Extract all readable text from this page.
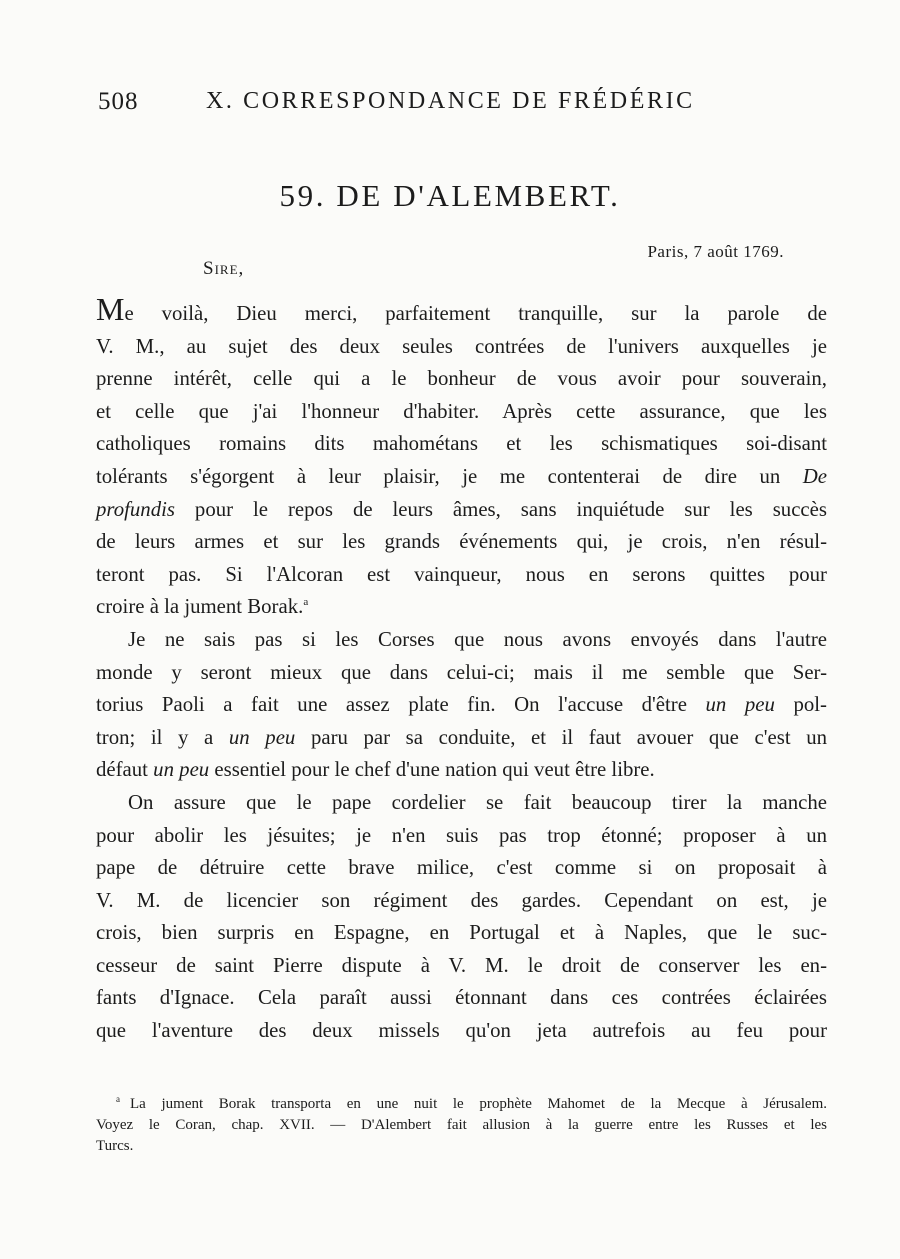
508	X. CORRESPONDANCE DE FRÉDÉRIC
59. DE D'ALEMBERT.
Paris, 7 août 1769.
Sire,
Me voilà, Dieu merci, parfaitement tranquille, sur la parole de
V. M., au sujet des deux seules contrées de l'univers auxquelles je
prenne intérêt, celle qui a le bonheur de vous avoir pour souverain,
et celle que j'ai l'honneur d'habiter. Après cette assurance, que les
catholiques romains dits mahométans et les schismatiques soi-disant
tolérants s'égorgent à leur plaisir, je me contenterai de dire un De
profundis pour le repos de leurs âmes, sans inquiétude sur les succès
de leurs armes et sur les grands événements qui, je crois, n'en résul-
teront pas. Si l'Alcoran est vainqueur, nous en serons quittes pour
croire à la jument Borak.$^a$
Je ne sais pas si les Corses que nous avons envoyés dans l'autre
monde y seront mieux que dans celui-ci; mais il me semble que Ser-
torius Paoli a fait une assez plate fin. On l'accuse d'être un peu pol-
tron; il y a un peu paru par sa conduite, et il faut avouer que c'est un
défaut un peu essentiel pour le chef d'une nation qui veut être libre.
On assure que le pape cordelier se fait beaucoup tirer la manche
pour abolir les jésuites; je n'en suis pas trop étonné; proposer à un
pape de détruire cette brave milice, c'est comme si on proposait à
V. M. de licencier son régiment des gardes. Cependant on est, je
crois, bien surpris en Espagne, en Portugal et à Naples, que le suc-
cesseur de saint Pierre dispute à V. M. le droit de conserver les en-
fants d'Ignace. Cela paraît aussi étonnant dans ces contrées éclairées
que l'aventure des deux missels qu'on jeta autrefois au feu pour
$^a$ La jument Borak transporta en une nuit le prophète Mahomet de la Mecque à Jérusalem.
Voyez le Coran, chap. XVII. — D'Alembert fait allusion à la guerre entre les Russes et les
Turcs.
